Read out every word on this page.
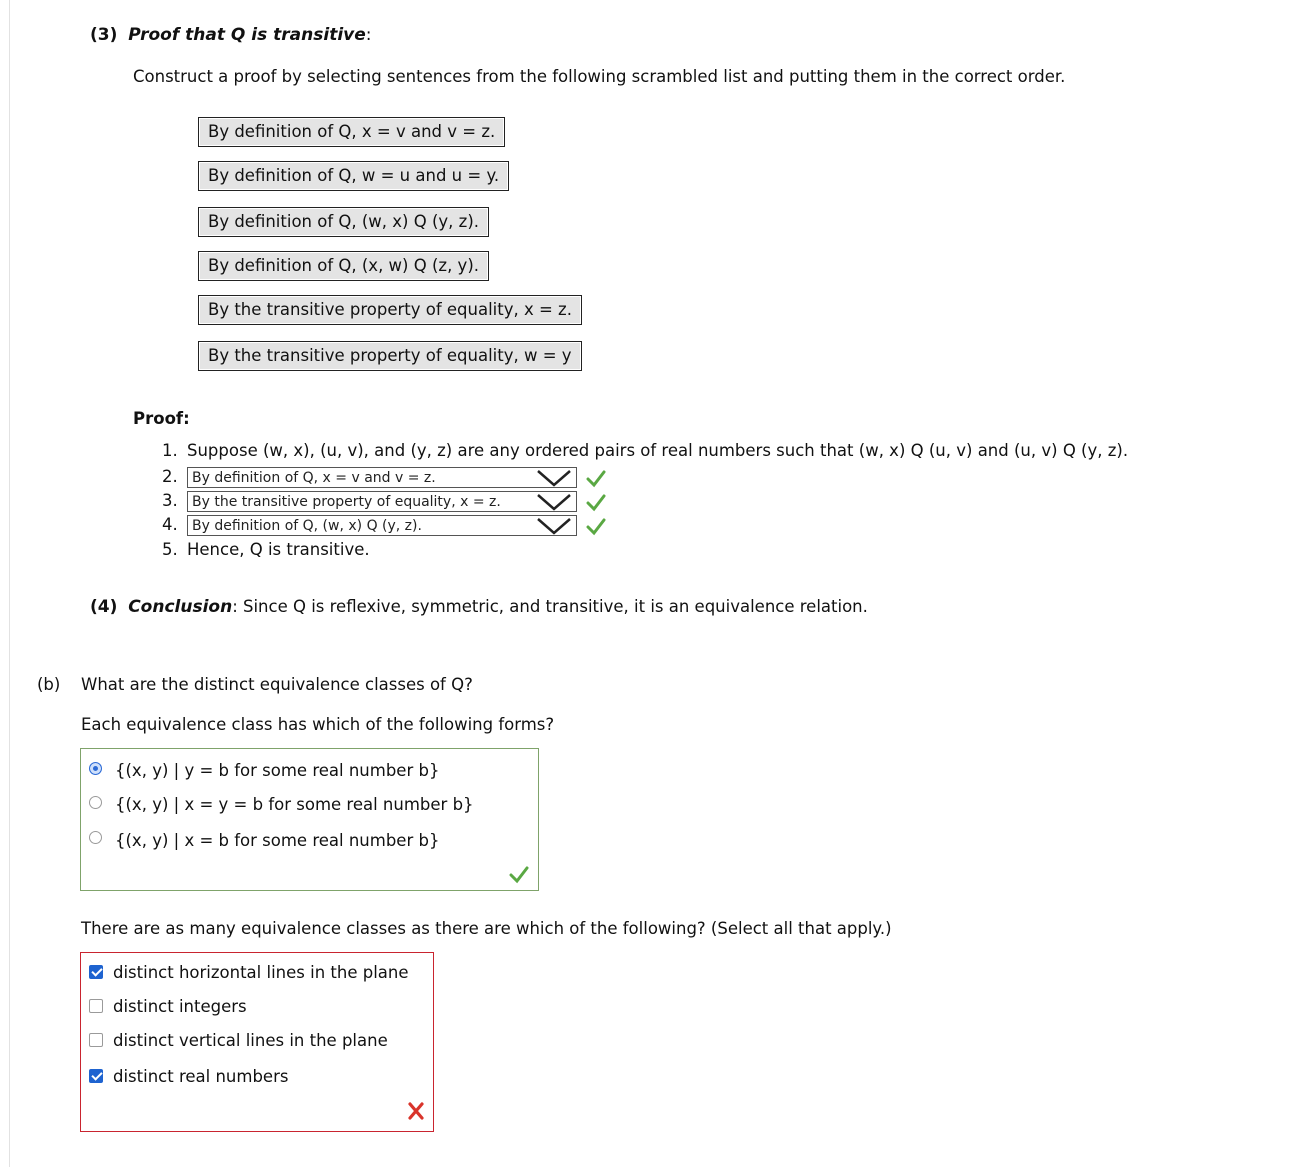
(3) Proof that Q is transitive:
Construct a proof by selecting sentences from the following scrambled list and putting them in the correct order.
By definition of Q, x = v and v = z.
By definition of Q, w = u and u = y.
By definition of Q, (w, x) Q (y, z).
By definition of Q, (x, w) Q (z, y).
By the transitive property of equality, x = z.
By the transitive property of equality, w = y
Proof:
1. Suppose (w, x), (u, v), and (y, z) are any ordered pairs of real numbers such that (w, x) Q (u, v) and (u, v) Q (y, z).
2.	By definition of Q, x = v and v = z.
3.	By the transitive property of equality, x = z.
4.	By definition of Q, (w, x) Q (y, z).
5. Hence, Q is transitive.
(4) Conclusion: Since Q is reflexive, symmetric, and transitive, it is an equivalence relation.
(b) What are the distinct equivalence classes of Q?
Each equivalence class has which of the following forms?
{(x, y) | y = b for some real number b}
{(x, y) | x = y = b for some real number b}
{(x, y) | x = b for some real number b}
There are as many equivalence classes as there are which of the following? (Select all that apply.)
distinct horizontal lines in the plane
distinct integers
distinct vertical lines in the plane
distinct real numbers
